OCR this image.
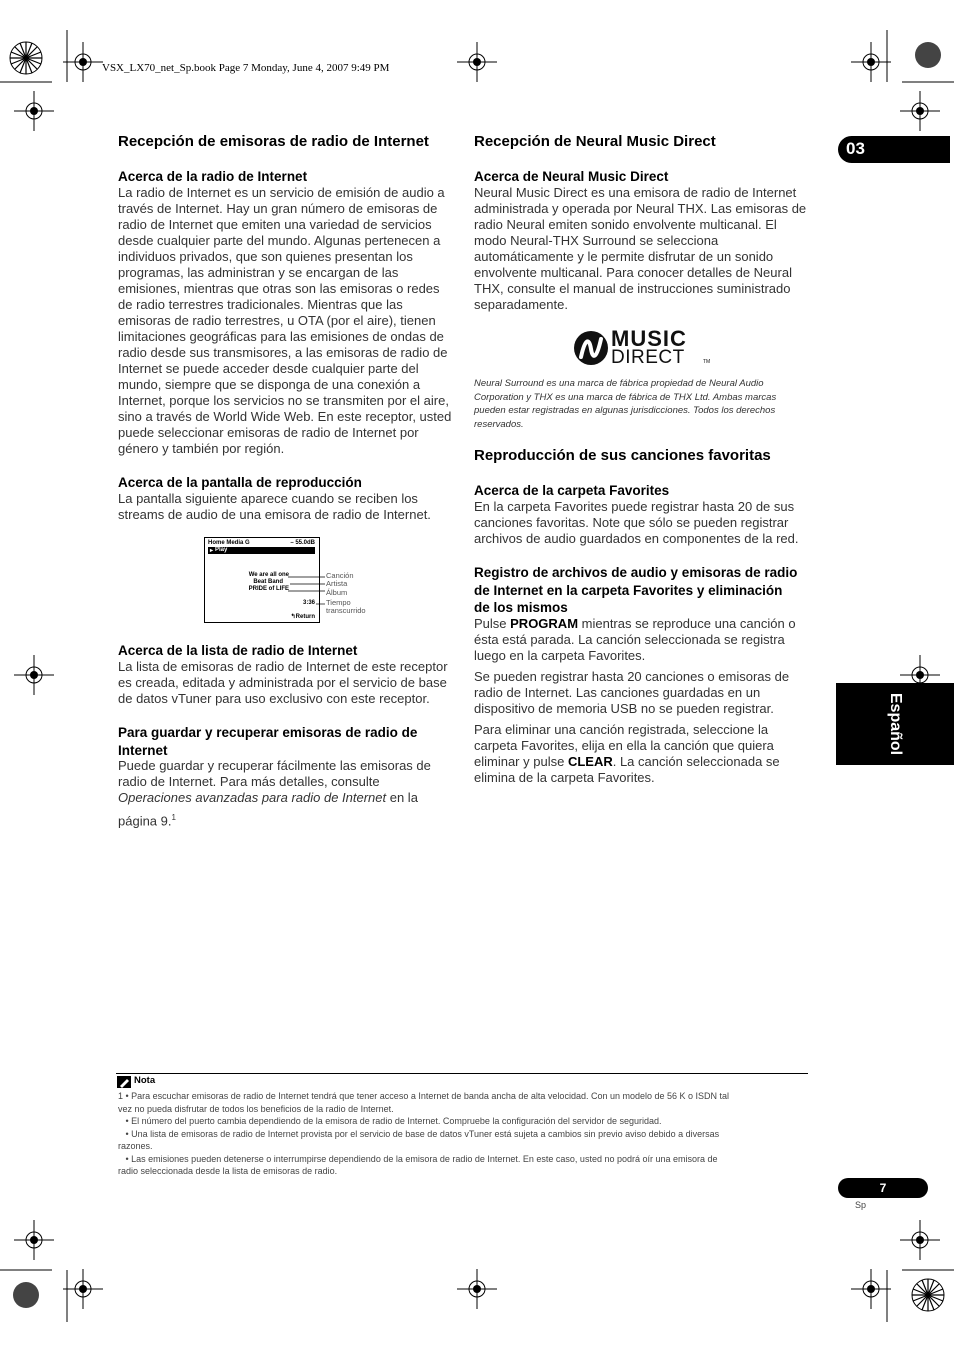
VSX_LX70_net_Sp.book Page 7 Monday, June 4, 2007 9:49 PM
03
Español
Recepción de emisoras de radio de Internet
Acerca de la radio de Internet
La radio de Internet es un servicio de emisión de audio a
través de Internet. Hay un gran número de emisoras de
radio de Internet que emiten una variedad de servicios
desde cualquier parte del mundo. Algunas pertenecen a
individuos privados, que son quienes presentan los
programas, las administran y se encargan de las
emisiones, mientras que otras son las emisoras o redes
de radio terrestres tradicionales. Mientras que las
emisoras de radio terrestres, u OTA (por el aire), tienen
limitaciones geográficas para las emisiones de ondas de
radio desde sus transmisores, a las emisoras de radio de
Internet se puede acceder desde cualquier parte del
mundo, siempre que se disponga de una conexión a
Internet, porque los servicios no se transmiten por el aire,
sino a través de World Wide Web. En este receptor, usted
puede seleccionar emisoras de radio de Internet por
género y también por región.
Acerca de la pantalla de reproducción
La pantalla siguiente aparece cuando se reciben los
streams de audio de una emisora de radio de Internet.
Home Media G	– 55.0dB
▸ Play
We are all one
Beat Band
PRIDE of LIFE
3:36
↰Return
Canción
Artista
Álbum
Tiempo
transcurrido
Acerca de la lista de radio de Internet
La lista de emisoras de radio de Internet de este receptor
es creada, editada y administrada por el servicio de base
de datos vTuner para uso exclusivo con este receptor.
Para guardar y recuperar emisoras de radio de
Internet
Puede guardar y recuperar fácilmente las emisoras de
radio de Internet. Para más detalles, consulte
Operaciones avanzadas para radio de Internet en la
página 9.$^1$
Recepción de Neural Music Direct
Acerca de Neural Music Direct
Neural Music Direct es una emisora de radio de Internet
administrada y operada por Neural THX. Las emisoras de
radio Neural emiten sonido envolvente multicanal. El
modo Neural-THX Surround se selecciona
automáticamente y le permite disfrutar de un sonido
envolvente multicanal. Para conocer detalles de Neural
THX, consulte el manual de instrucciones suministrado
separadamente.
MUSIC
DIRECT	TM
Neural Surround es una marca de fábrica propiedad de Neural Audio
Corporation y THX es una marca de fábrica de THX Ltd. Ambas marcas
pueden estar registradas en algunas jurisdicciones. Todos los derechos
reservados.
Reproducción de sus canciones favoritas
Acerca de la carpeta Favorites
En la carpeta Favorites puede registrar hasta 20 de sus
canciones favoritas. Note que sólo se pueden registrar
archivos de audio guardados en componentes de la red.
Registro de archivos de audio y emisoras de radio
de Internet en la carpeta Favorites y eliminación
de los mismos
Pulse PROGRAM mientras se reproduce una canción o
ésta está parada. La canción seleccionada se registra
luego en la carpeta Favorites.
Se pueden registrar hasta 20 canciones o emisoras de
radio de Internet. Las canciones guardadas en un
dispositivo de memoria USB no se pueden registrar.
Para eliminar una canción registrada, seleccione la
carpeta Favorites, elija en ella la canción que quiera
eliminar y pulse CLEAR. La canción seleccionada se
elimina de la carpeta Favorites.
Nota
1 • Para escuchar emisoras de radio de Internet tendrá que tener acceso a Internet de banda ancha de alta velocidad. Con un modelo de 56 K o ISDN tal
vez no pueda disfrutar de todos los beneficios de la radio de Internet.
• El número del puerto cambia dependiendo de la emisora de radio de Internet. Compruebe la configuración del servidor de seguridad.
• Una lista de emisoras de radio de Internet provista por el servicio de base de datos vTuner está sujeta a cambios sin previo aviso debido a diversas
razones.
• Las emisiones pueden detenerse o interrumpirse dependiendo de la emisora de radio de Internet. En este caso, usted no podrá oír una emisora de
radio seleccionada desde la lista de emisoras de radio.
7
Sp
